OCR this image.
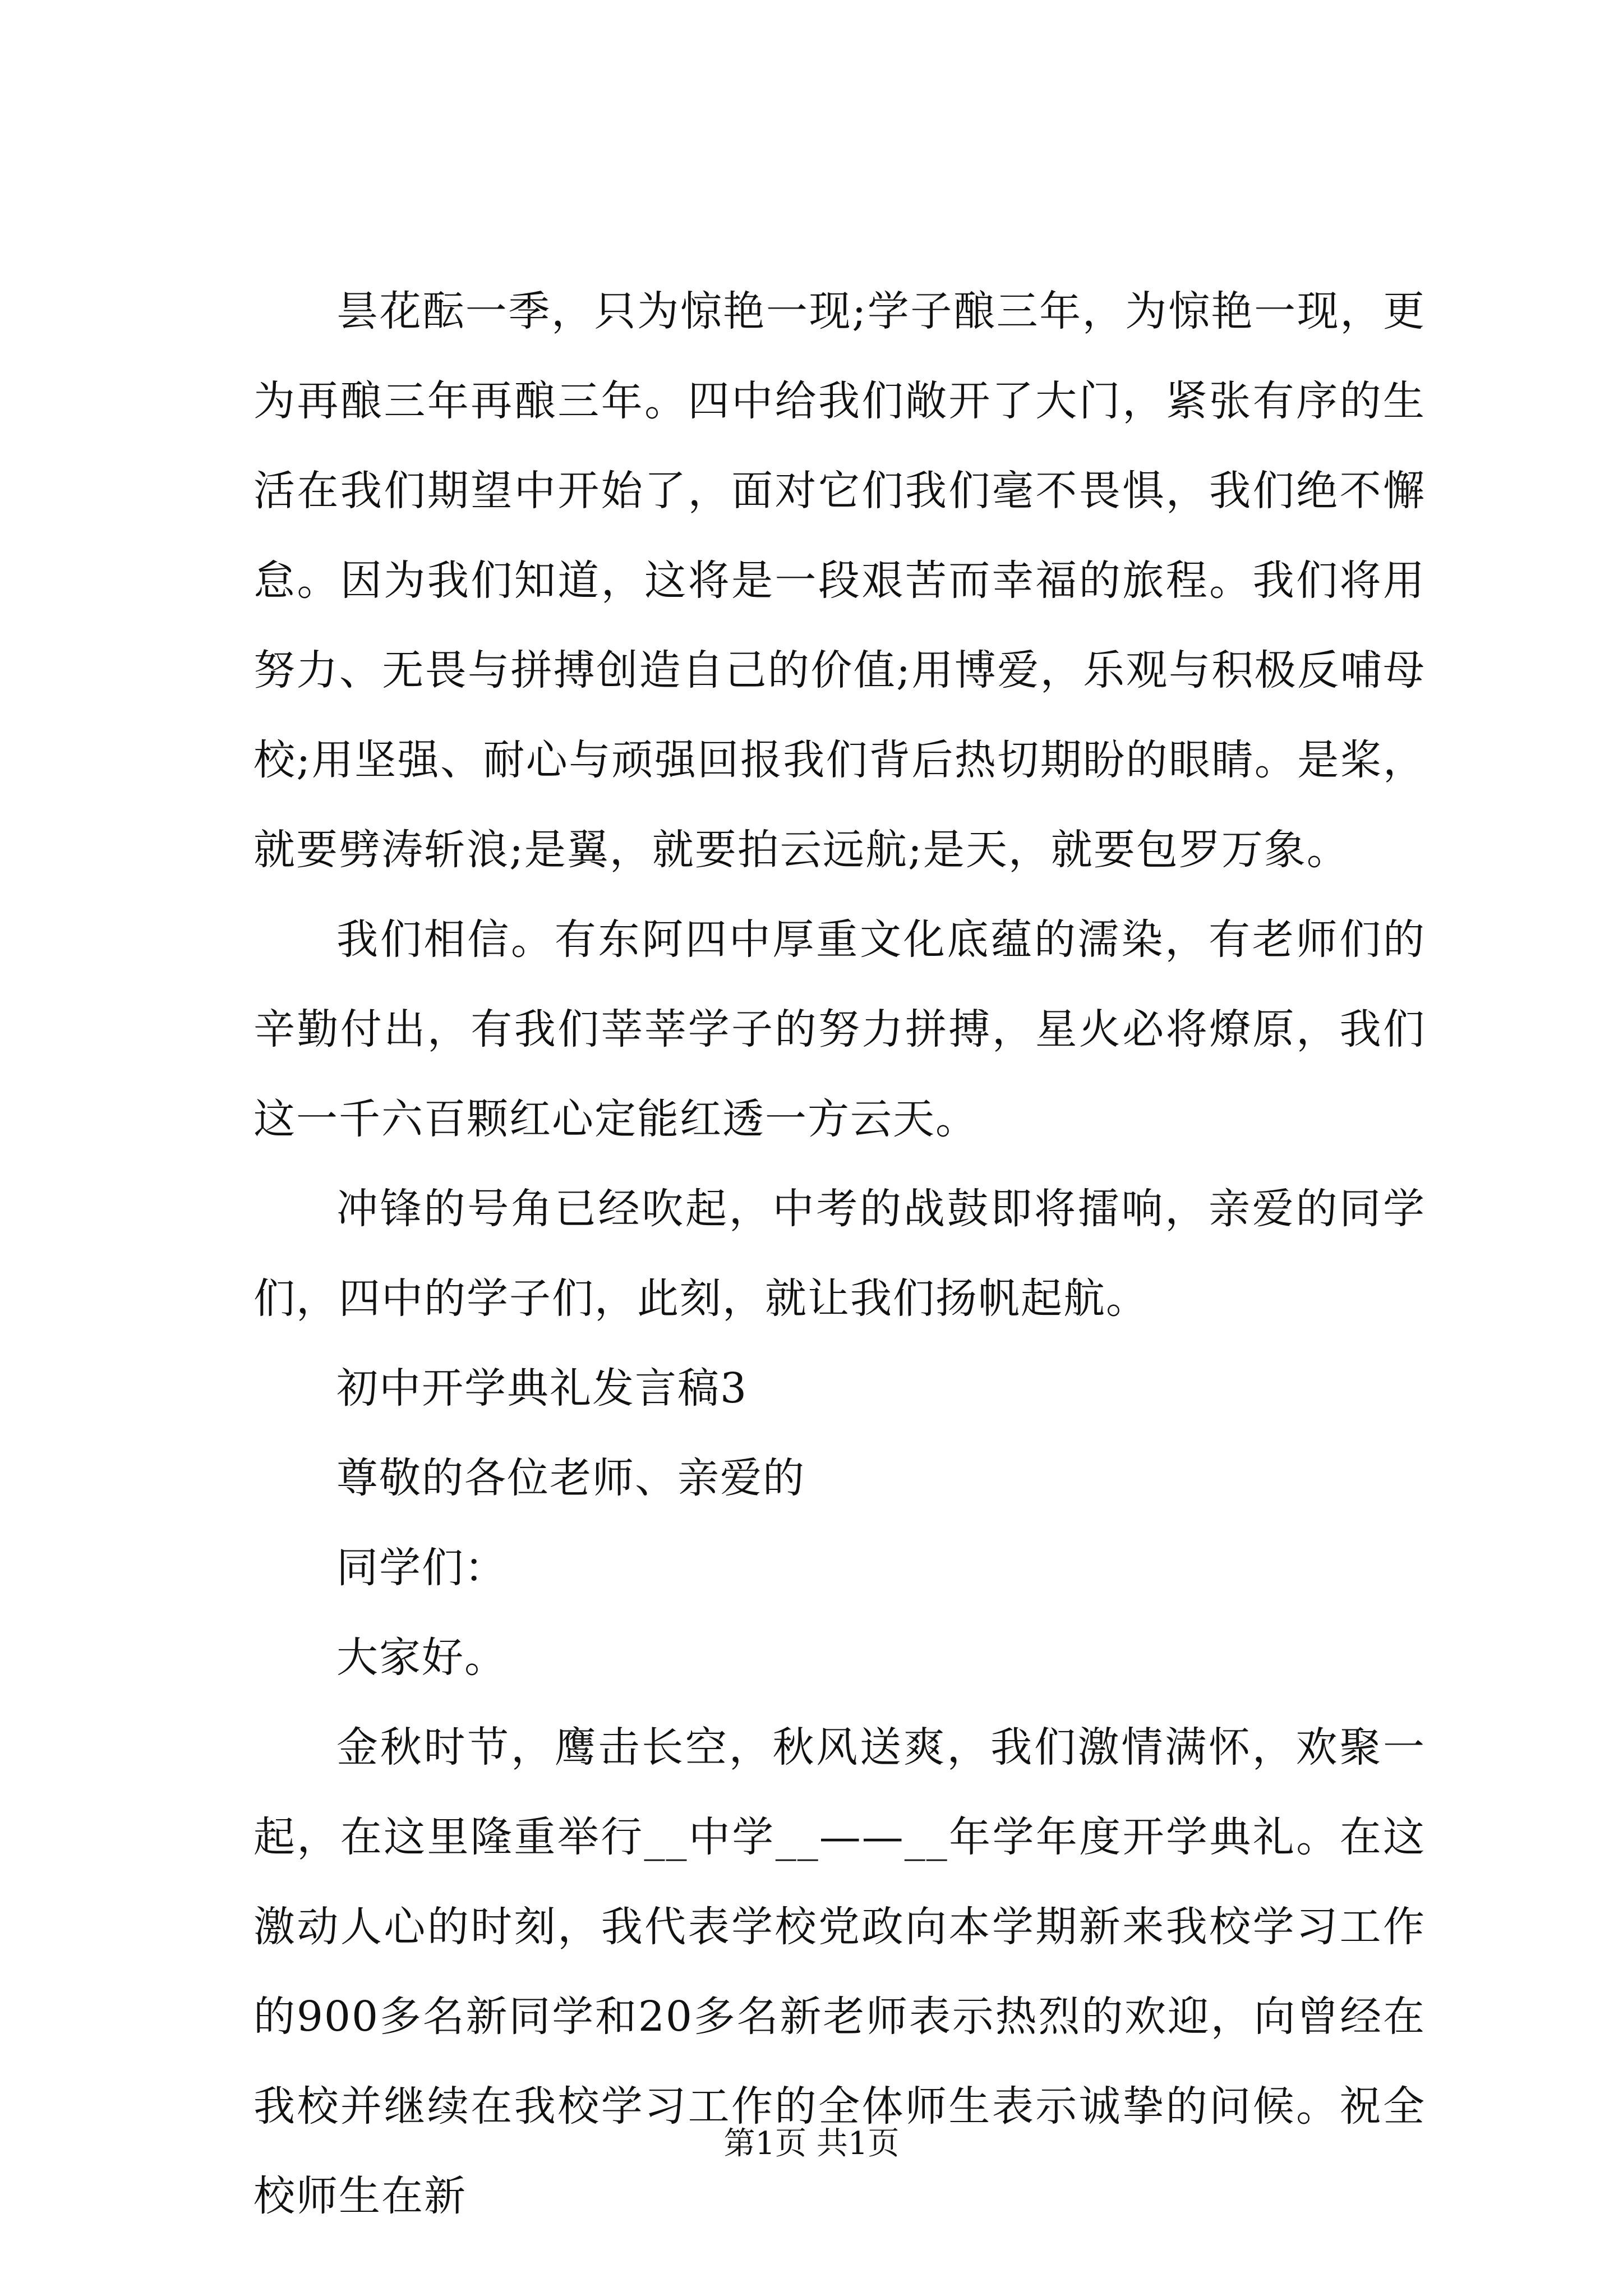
昙花酝一季，只为惊艳一现;学子酿三年，为惊艳一现，更为再酿三年再酿三年。四中给我们敞开了大门，紧张有序的生活在我们期望中开始了，面对它们我们毫不畏惧，我们绝不懈怠。因为我们知道，这将是一段艰苦而幸福的旅程。我们将用努力、无畏与拼搏创造自己的价值;用博爱，乐观与积极反哺母校;用坚强、耐心与顽强回报我们背后热切期盼的眼睛。是桨，就要劈涛斩浪;是翼，就要拍云远航;是天，就要包罗万象。

我们相信。有东阿四中厚重文化底蕴的濡染，有老师们的辛勤付出，有我们莘莘学子的努力拼搏，星火必将燎原，我们这一千六百颗红心定能红透一方云天。

冲锋的号角已经吹起，中考的战鼓即将擂响，亲爱的同学们，四中的学子们，此刻，就让我们扬帆起航。

初中开学典礼发言稿3

尊敬的各位老师、亲爱的

同学们：

大家好。

金秋时节，鹰击长空，秋风送爽，我们激情满怀，欢聚一起，在这里隆重举行__中学__——__年学年度开学典礼。在这激动人心的时刻，我代表学校党政向本学期新来我校学习工作的900多名新同学和20多名新老师表示热烈的欢迎，向曾经在我校并继续在我校学习工作的全体师生表示诚挚的问候。祝全校师生在新

第1页 共1页
